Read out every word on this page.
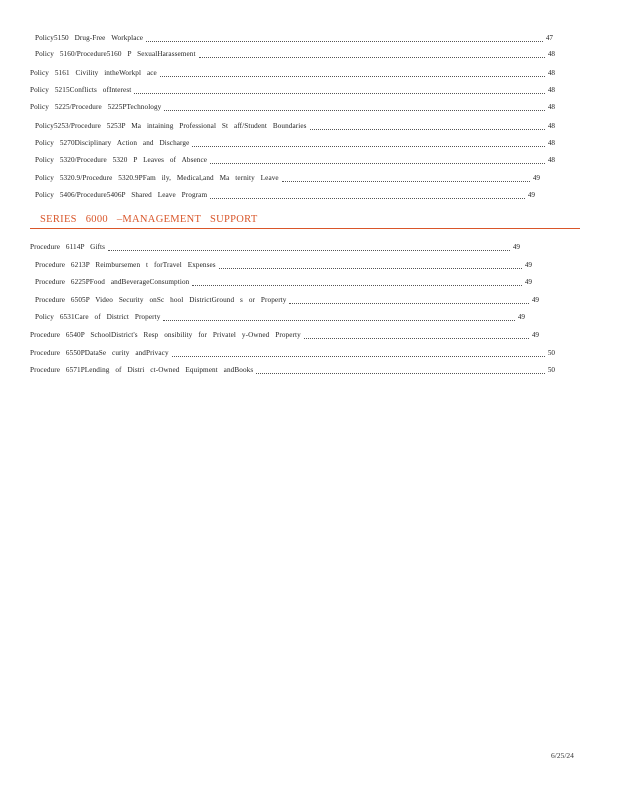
Policy5150 Drug-Free Workplace	47
Policy 5160/Procedure5160 P SexualHarassement	48
Policy 5161 Civility intheWorkpl ace	48
Policy 5215Conflicts ofInterest	48
Policy 5225/Procedure 5225PTechnology	48
Policy5253/Procedure 5253P Ma intaining Professional St aff/Student Boundaries	48
Policy 5270Disciplinary Action and Discharge	48
Policy 5320/Procedure 5320 P Leaves of Absence	48
Policy 5320.9/Procedure 5320.9PFam ily, Medical,and Ma ternity Leave	49
Policy 5406/Procedure5406P Shared Leave Program	49
SERIES 6000 –MANAGEMENT SUPPORT
Procedure 6114P Gifts	49
Procedure 6213P Reimbursemen t forTravel Expenses	49
Procedure 6225PFood andBeverageConsumption	49
Procedure 6505P Video Security onSc hool DistrictGround s or Property	49
Policy 6531Care of District Property	49
Procedure 6540P SchoolDistrict's Resp onsibility for Privatel y-Owned Property	49
Procedure 6550PDataSe curity andPrivacy	50
Procedure 6571PLending of Distri ct-Owned Equipment andBooks	50
6/25/24
